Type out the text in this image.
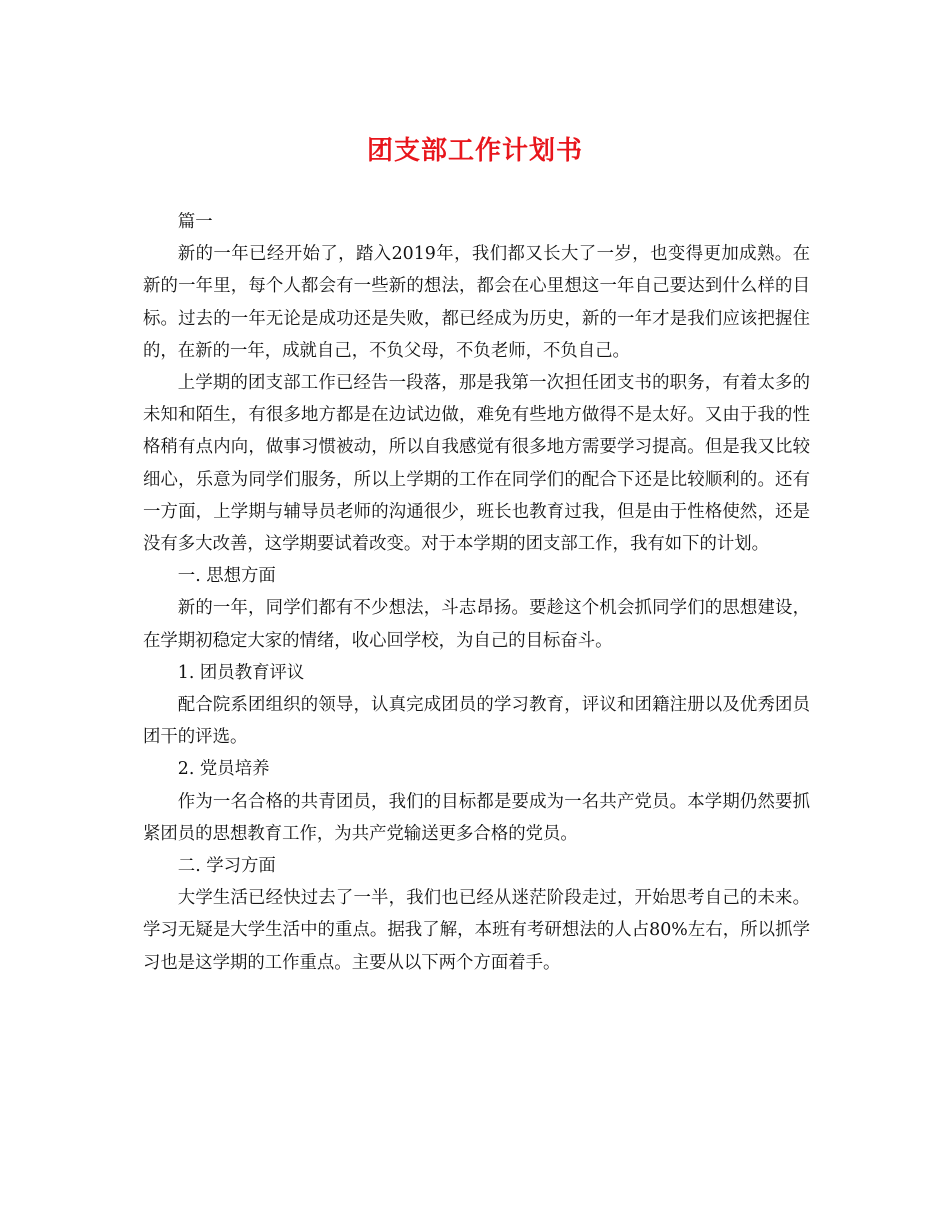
团支部工作计划书

篇一

新的一年已经开始了，踏入2019年，我们都又长大了一岁，也变得更加成熟。在新的一年里，每个人都会有一些新的想法，都会在心里想这一年自己要达到什么样的目标。过去的一年无论是成功还是失败，都已经成为历史，新的一年才是我们应该把握住的，在新的一年，成就自己，不负父母，不负老师，不负自己。

上学期的团支部工作已经告一段落，那是我第一次担任团支书的职务，有着太多的未知和陌生，有很多地方都是在边试边做，难免有些地方做得不是太好。又由于我的性格稍有点内向，做事习惯被动，所以自我感觉有很多地方需要学习提高。但是我又比较细心，乐意为同学们服务，所以上学期的工作在同学们的配合下还是比较顺利的。还有一方面，上学期与辅导员老师的沟通很少，班长也教育过我，但是由于性格使然，还是没有多大改善，这学期要试着改变。对于本学期的团支部工作，我有如下的计划。

一. 思想方面

新的一年，同学们都有不少想法，斗志昂扬。要趁这个机会抓同学们的思想建设，在学期初稳定大家的情绪，收心回学校，为自己的目标奋斗。

1. 团员教育评议

配合院系团组织的领导，认真完成团员的学习教育，评议和团籍注册以及优秀团员团干的评选。

2. 党员培养

作为一名合格的共青团员，我们的目标都是要成为一名共产党员。本学期仍然要抓紧团员的思想教育工作，为共产党输送更多合格的党员。

二. 学习方面

大学生活已经快过去了一半，我们也已经从迷茫阶段走过，开始思考自己的未来。学习无疑是大学生活中的重点。据我了解，本班有考研想法的人占80%左右，所以抓学习也是这学期的工作重点。主要从以下两个方面着手。
